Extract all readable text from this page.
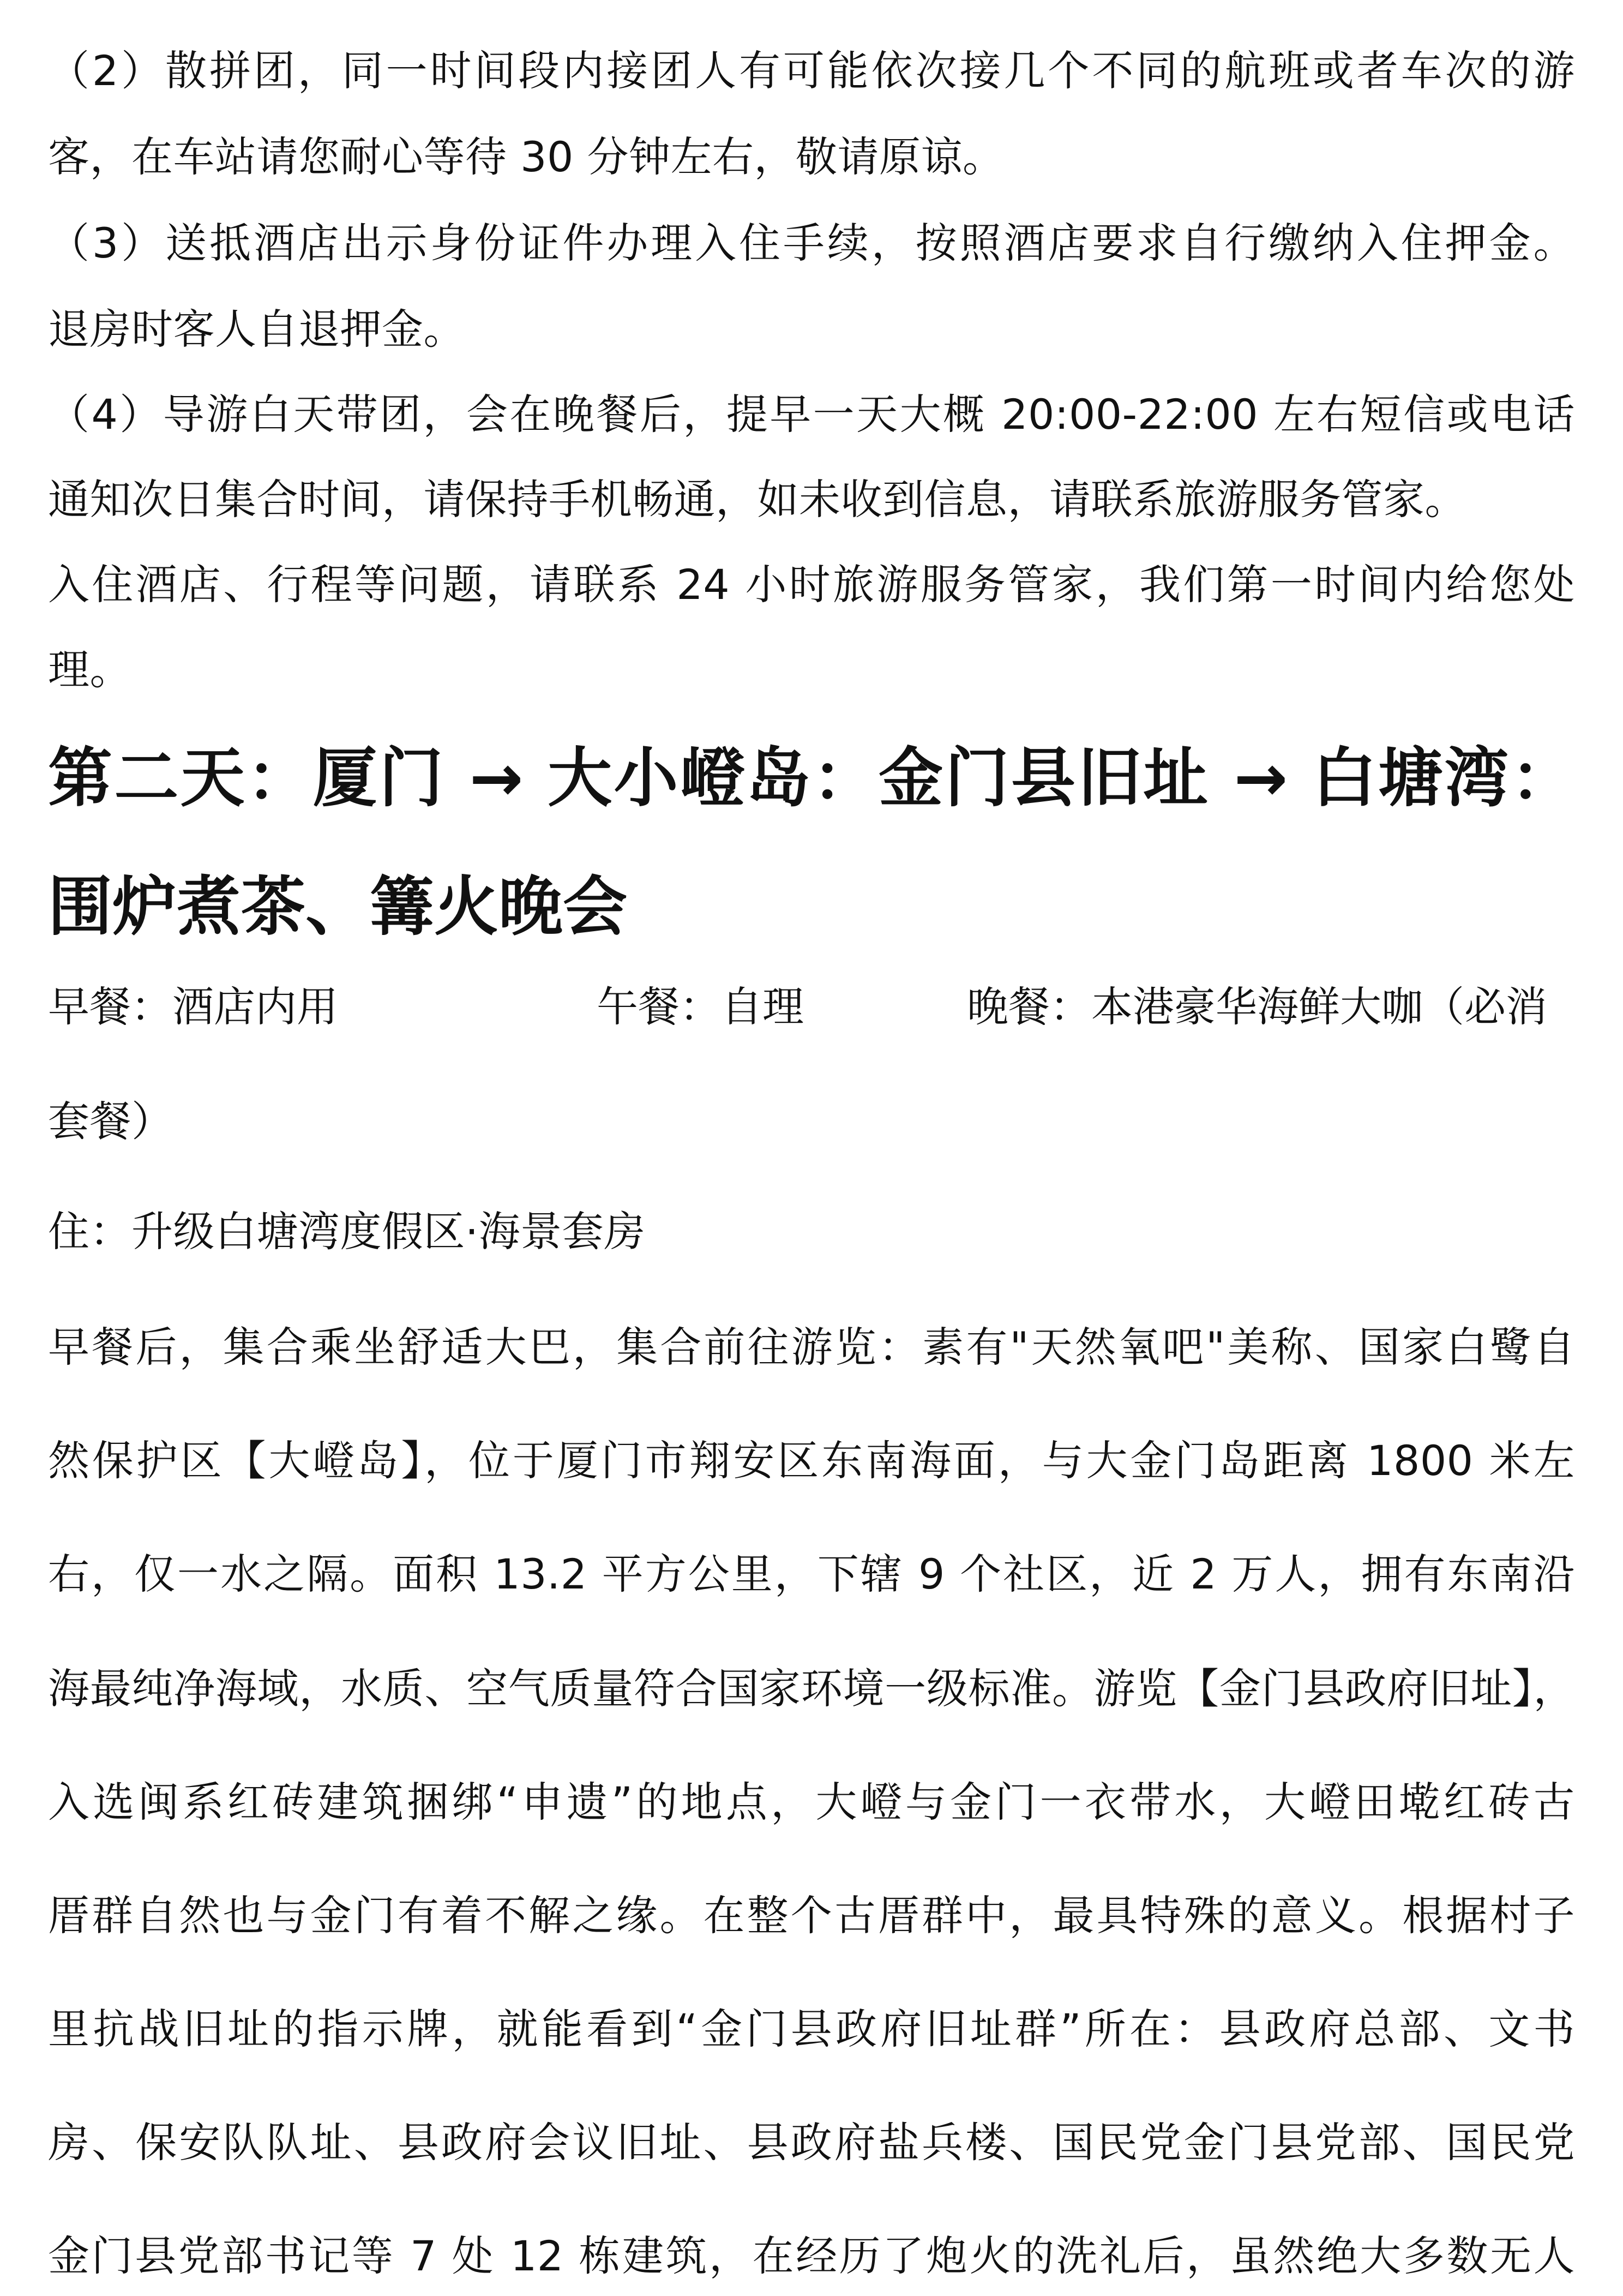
（2）散拼团，同一时间段内接团人有可能依次接几个不同的航班或者车次的游
客，在车站请您耐心等待 30 分钟左右，敬请原谅。
（3）送抵酒店出示身份证件办理入住手续，按照酒店要求自行缴纳入住押金。
退房时客人自退押金。
（4）导游白天带团，会在晚餐后，提早一天大概 20:00-22:00 左右短信或电话
通知次日集合时间，请保持手机畅通，如未收到信息，请联系旅游服务管家。
入住酒店、行程等问题，请联系 24 小时旅游服务管家，我们第一时间内给您处
理。
第二天：厦门 → 大小嶝岛：金门县旧址 → 白塘湾：
围炉煮茶、篝火晚会
早餐：酒店内用	午餐：自理	晚餐：本港豪华海鲜大咖（必消
套餐）
住：升级白塘湾度假区·海景套房
早餐后，集合乘坐舒适大巴，集合前往游览：素有"天然氧吧"美称、国家白鹭自
然保护区【大嶝岛】，位于厦门市翔安区东南海面，与大金门岛距离 1800 米左
右，仅一水之隔。面积 13.2 平方公里，下辖 9 个社区，近 2 万人，拥有东南沿
海最纯净海域，水质、空气质量符合国家环境一级标准。游览【金门县政府旧址】，
入选闽系红砖建筑捆绑“申遗”的地点，大嶝与金门一衣带水，大嶝田墘红砖古
厝群自然也与金门有着不解之缘。在整个古厝群中，最具特殊的意义。根据村子
里抗战旧址的指示牌，就能看到“金门县政府旧址群”所在：县政府总部、文书
房、保安队队址、县政府会议旧址、县政府盐兵楼、国民党金门县党部、国民党
金门县党部书记等 7 处 12 栋建筑，在经历了炮火的洗礼后，虽然绝大多数无人
